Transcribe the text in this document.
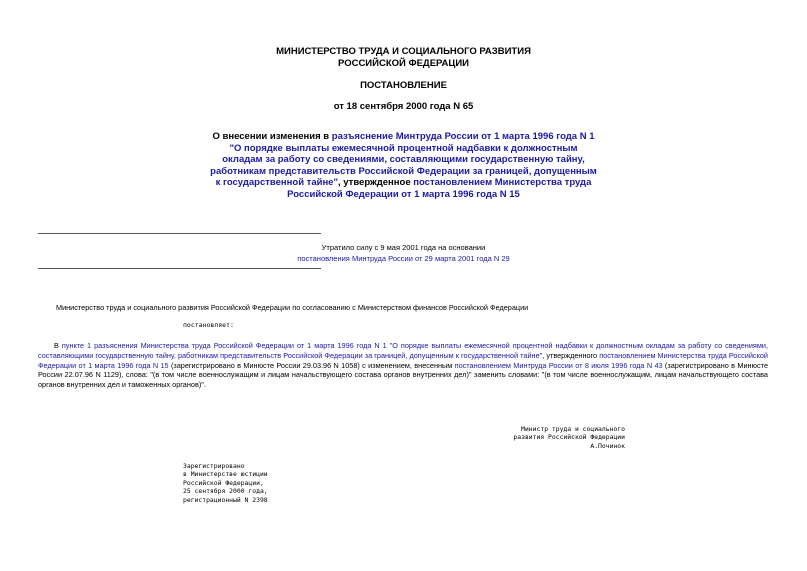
МИНИСТЕРСТВО ТРУДА И СОЦИАЛЬНОГО РАЗВИТИЯ
РОССИЙСКОЙ ФЕДЕРАЦИИ
ПОСТАНОВЛЕНИЕ
от 18 сентября 2000 года N 65
О внесении изменения в разъяснение Минтруда России от 1 марта 1996 года N 1 "О порядке выплаты ежемесячной процентной надбавки к должностным окладам за работу со сведениями, составляющими государственную тайну, работникам представительств Российской Федерации за границей, допущенным к государственной тайне", утвержденное постановлением Министерства труда Российской Федерации от 1 марта 1996 года N 15
Утратило силу с 9 мая 2001 года на основании
постановления Минтруда России от 29 марта 2001 года N 29
Министерство труда и социального развития Российской Федерации по согласованию с Министерством финансов Российской Федерации
постановляет:
В пункте 1 разъяснения Министерства труда Российской Федерации от 1 марта 1996 года N 1 "О порядке выплаты ежемесячной процентной надбавки к должностным окладам за работу со сведениями, составляющими государственную тайну, работникам представительств Российской Федерации за границей, допущенным к государственной тайне", утвержденного постановлением Министерства труда Российской Федерации от 1 марта 1996 года N 15 (зарегистрировано в Минюсте России 29.03.96 N 1058) с изменением, внесенным постановлением Минтруда России от 8 июля 1996 года N 43 (зарегистрировано в Минюсте России 22.07.96 N 1129), слова: "(в том числе военнослужащим и лицам начальствующего состава органов внутренних дел)" заменить словами: "(в том числе военнослужащим, лицам начальствующего состава органов внутренних дел и таможенных органов)".
Министр труда и социального
развития Российской Федерации
А.Починок
Зарегистрировано
в Министерстве юстиции
Российской Федерации,
25 сентября 2000 года,
регистрационный N 2398
